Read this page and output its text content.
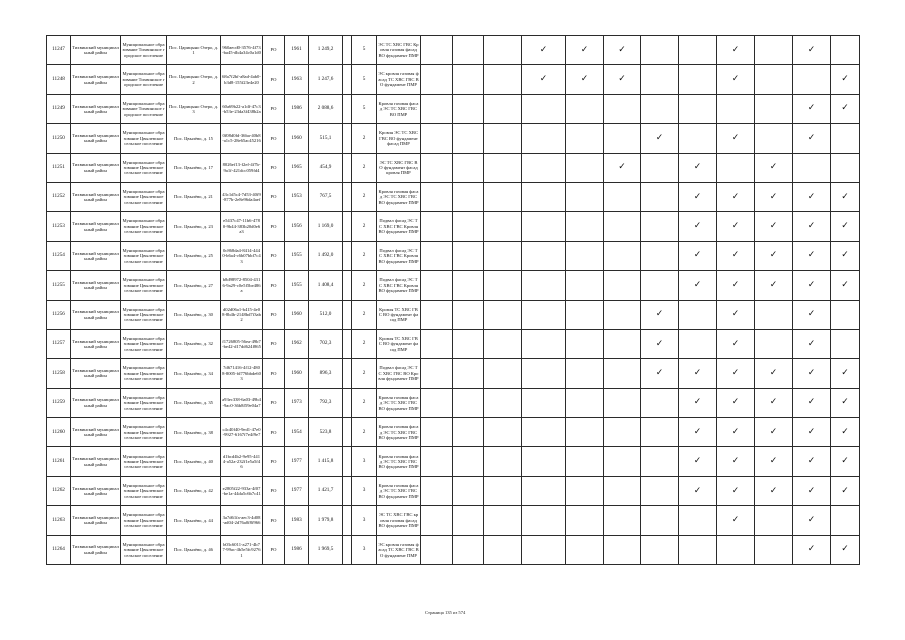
11247	Тихвинский муниципальный район	Муниципальное образование Тихвинское городское поселение	Пос. Царицыно Озеро, д. 1	960aecd0-3576-4f73-ba45-db4a34c0a1d0	РО	1961	1 249,2		5	ЭС ТС ХВС ГВС Кровля газовая фасад ВО фундамент ПМР				✓	✓	✓			✓		✓	
11248	Тихвинский муниципальный район	Муниципальное образование Тихвинское городское поселение	Пос. Царицыно Озеро, д. 2	68a7f2bf-a8ad-4ab0-b3d8-155f23e4e20	РО	1963	1 247,6		5	ЭС кровля газовая фасад ТС ХВС ГВС ВО фундамент ПМР				✓	✓	✓			✓			✓
11249	Тихвинский муниципальный район	Муниципальное образование Тихвинское городское поселение	Пос. Царицыно Озеро, д. 3	60a69b22-a1df-47c3-b53e-23da3f438b2a	РО	1986	2 088,6		5	Кровля газовая фасад ЭС ТС ХВС ГВС ВО ПМР											✓	✓
11250	Тихвинский муниципальный район	Муниципальное образование Цвылевское сельское поселение	Пос. Цвылёво, д. 15	0f08d0fd-36ba-40b8-a1c5-28e65ac45216	РО	1960	515,1		2	Кровля ЭС ТС ХВС ГВС ВО фундамент фасад ПМР							✓		✓		✓	
11251	Тихвинский муниципальный район	Муниципальное образование Цвылевское сельское поселение	Пос. Цвылёво, д. 17	8026ef13-f2ef-4f7b-9a1f-421dcc059fd4	РО	1965	454,9		2	ЭС ТС ХВС ГВС ВО фундамент фасад кровля ПМР						✓		✓		✓		
11252	Тихвинский муниципальный район	Муниципальное образование Цвылевское сельское поселение	Пос. Цвылёво, д. 21	43c1d5c4-7d53-40f9-877b-2e8e96da4aef	РО	1953	767,5		2	Кровля газовая фасад ЭС ТС ХВС ГВС ВО фундамент ПМР								✓	✓	✓	✓	✓
11253	Тихвинский муниципальный район	Муниципальное образование Цвылевское сельское поселение	Пос. Цвылёво, д. 23	e5437c47-11b6-4780-9b44-383b20d0e6a3	РО	1956	1 169,0		2	Подвал фасад ЭС ТС ХВС ГВС Кровля ВО фундамент ПМР								✓	✓	✓	✓	✓
11254	Тихвинский муниципальный район	Муниципальное образование Цвылевское сельское поселение	Пос. Цвылёво, д. 25	0c868da4-8414-4440-b6a4-c6b07bbf7c43	РО	1955	1 492,0		2	Подвал фасад ЭС ТС ХВС ГВС Кровля ВО фундамент ПМР								✓	✓	✓	✓	✓
11255	Тихвинский муниципальный район	Муниципальное образование Цвылевское сельское поселение	Пос. Цвылёво, д. 27	b8d98972-8504-4316-9a29-c0e5f5be486a	РО	1955	1 408,4		2	Подвал фасад ЭС ТС ХВС ГВС Кровля ВО фундамент ПМР								✓	✓	✓	✓	✓
11256	Тихвинский муниципальный район	Муниципальное образование Цвылевское сельское поселение	Пос. Цвылёво, д. 30	d02d06a1-b415-4e08-8b4b-2148bd7f3ab2	РО	1960	512,0		2	Кровля ТС ХВС ГВС ВО фундамент фасад ПМР							✓		✓		✓	
11257	Тихвинский муниципальный район	Муниципальное образование Цвылевское сельское поселение	Пос. Цвылёво, д. 32	f1726805-56ea-49b7-be42-d17dd624f865	РО	1962	702,3		2	Кровля ТС ХВС ГВС ВО фундамент фасад ПМР							✓		✓		✓	
11258	Тихвинский муниципальный район	Муниципальное образование Цвылевское сельское поселение	Пос. Цвылёво, д. 34	7d671416-4f12-4808-8005-fd776bbde603	РО	1960	896,3		2	Подвал фасад ЭС ТС ХВС ГВС ВО Кровля фундамент ПМР							✓	✓	✓	✓	✓	✓
11259	Тихвинский муниципальный район	Муниципальное образование Цвылевское сельское поселение	Пос. Цвылёво, д. 35	a93ec338-6a03-49b4-9ac0-36b8f59e04a7	РО	1973	792,3		2	Кровля газовая фасад ЭС ТС ХВС ГВС ВО фундамент ПМР								✓	✓	✓	✓	✓
11260	Тихвинский муниципальный район	Муниципальное образование Цвылевское сельское поселение	Пос. Цвылёво, д. 38	c4c40f40-9ed1-47e0-9927-6167f7e4f9e7	РО	1954	523,8		2	Кровля газовая фасад ЭС ТС ХВС ГВС ВО фундамент ПМР								✓	✓	✓	✓	✓
11261	Тихвинский муниципальный район	Муниципальное образование Цвылевское сельское поселение	Пос. Цвылёво, д. 40	d1bcd4b2-9e95-4414-a52a-232f1e5a5f46	РО	1977	1 415,8		3	Кровля газовая фасад ЭС ТС ХВС ГВС ВО фундамент ПМР								✓	✓	✓	✓	✓
11262	Тихвинский муниципальный район	Муниципальное образование Цвылевское сельское поселение	Пос. Цвылёво, д. 42	e2805f22-933a-4f07-be1a-44da5c6b7c41	РО	1977	1 421,7		3	Кровля газовая фасад ЭС ТС ХВС ГВС ВО фундамент ПМР								✓	✓	✓	✓	✓
11263	Тихвинский муниципальный район	Муниципальное образование Цвылевское сельское поселение	Пос. Цвылёво, д. 44	3a7d61fa-aec3-4d08-ad04-2d76a0f8f966	РО	1983	1 979,8		3	ЭС ТС ХВС ГВС кровля газовая фасад ВО фундамент ПМР									✓		✓	
11264	Тихвинский муниципальный район	Муниципальное образование Цвылевское сельское поселение	Пос. Цвылёво, д. 46	b03c6011-a271-4b77-99ac-4b5e5fc92761	РО	1986	1 969,5		3	ЭС кровля газовая фасад ТС ХВС ГВС ВО фундамент ПМР											✓	✓
Страница 135 из 574
